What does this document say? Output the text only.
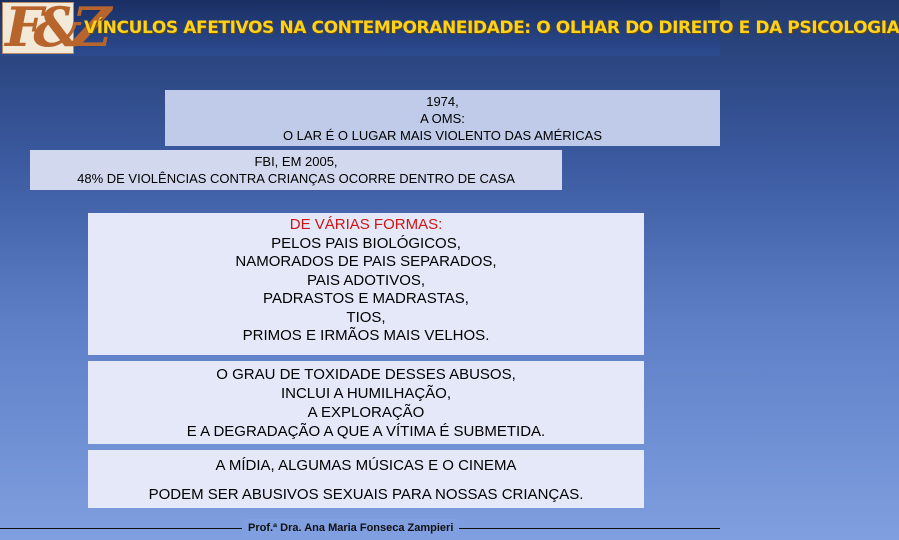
F&Z
VÍNCULOS AFETIVOS NA CONTEMPORANEIDADE: O OLHAR DO DIREITO E DA PSICOLOGIA
1974,
A OMS:
O LAR É O LUGAR MAIS VIOLENTO DAS AMÉRICAS
FBI, EM 2005,
48% DE VIOLÊNCIAS CONTRA CRIANÇAS OCORRE DENTRO DE CASA
DE VÁRIAS FORMAS:
PELOS PAIS BIOLÓGICOS,
NAMORADOS DE PAIS SEPARADOS,
PAIS ADOTIVOS,
PADRASTOS E MADRASTAS,
TIOS,
PRIMOS E IRMÃOS MAIS VELHOS.
O GRAU DE TOXIDADE DESSES ABUSOS,
INCLUI A HUMILHAÇÃO,
A EXPLORAÇÃO
E A DEGRADAÇÃO A QUE A VÍTIMA É SUBMETIDA.
A MÍDIA, ALGUMAS MÚSICAS E O CINEMA
PODEM SER ABUSIVOS SEXUAIS PARA NOSSAS CRIANÇAS.
Prof.ª Dra. Ana Maria Fonseca Zampieri
